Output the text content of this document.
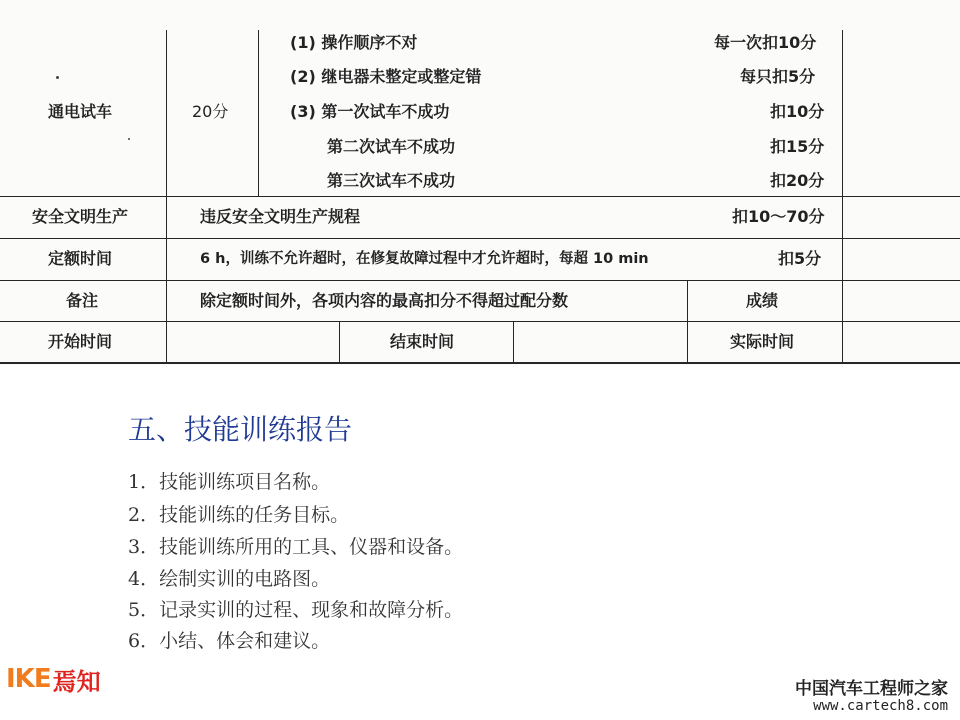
通电试车	20分
(1) 操作顺序不对	每一次扣10分
(2) 继电器未整定或整定错	每只扣5分
(3) 第一次试车不成功	扣10分
第二次试车不成功	扣15分
第三次试车不成功	扣20分
安全文明生产	违反安全文明生产规程	扣10～70分
定额时间	6 h，训练不允许超时，在修复故障过程中才允许超时，每超 10 min	扣5分
备注	除定额时间外，各项内容的最高扣分不得超过配分数	成绩
开始时间	结束时间	实际时间
五、技能训练报告
1．技能训练项目名称。
2．技能训练的任务目标。
3．技能训练所用的工具、仪器和设备。
4．绘制实训的电路图。
5．记录实训的过程、现象和故障分析。
6．小结、体会和建议。
IKE 焉知	中国汽车工程师之家
www.cartech8.com
